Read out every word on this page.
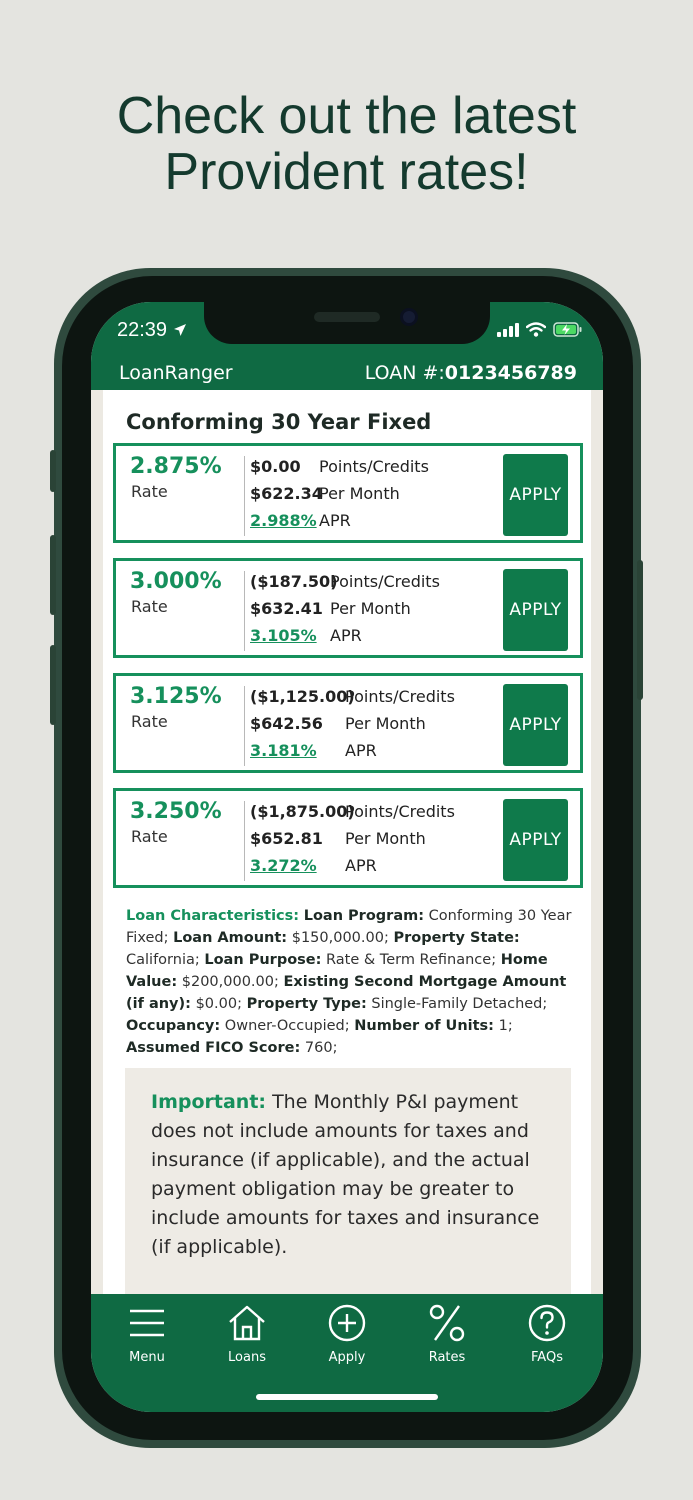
Check out the latest
Provident rates!
22:39
LoanRanger	LOAN #:0123456789
Conforming 30 Year Fixed
2.875%
Rate
$0.00 Points/Credits
$622.34Per Month
2.988% APR
APPLY
3.000%
Rate
($187.50)Points/Credits
$632.41 Per Month
3.105% APR
APPLY
3.125%
Rate
($1,125.00)Points/Credits
$642.56 Per Month
3.181% APR
APPLY
3.250%
Rate
($1,875.00)Points/Credits
$652.81 Per Month
3.272% APR
APPLY
Loan Characteristics: Loan Program: Conforming 30 Year Fixed; Loan Amount: $150,000.00; Property State: California; Loan Purpose: Rate & Term Refinance; Home Value: $200,000.00; Existing Second Mortgage Amount (if any): $0.00; Property Type: Single-Family Detached; Occupancy: Owner-Occupied; Number of Units: 1; Assumed FICO Score: 760;

Important: The Monthly P&I payment does not include amounts for taxes and insurance (if applicable), and the actual payment obligation may be greater to include amounts for taxes and insurance (if applicable).

Menu	Loans	Apply	Rates	FAQs
